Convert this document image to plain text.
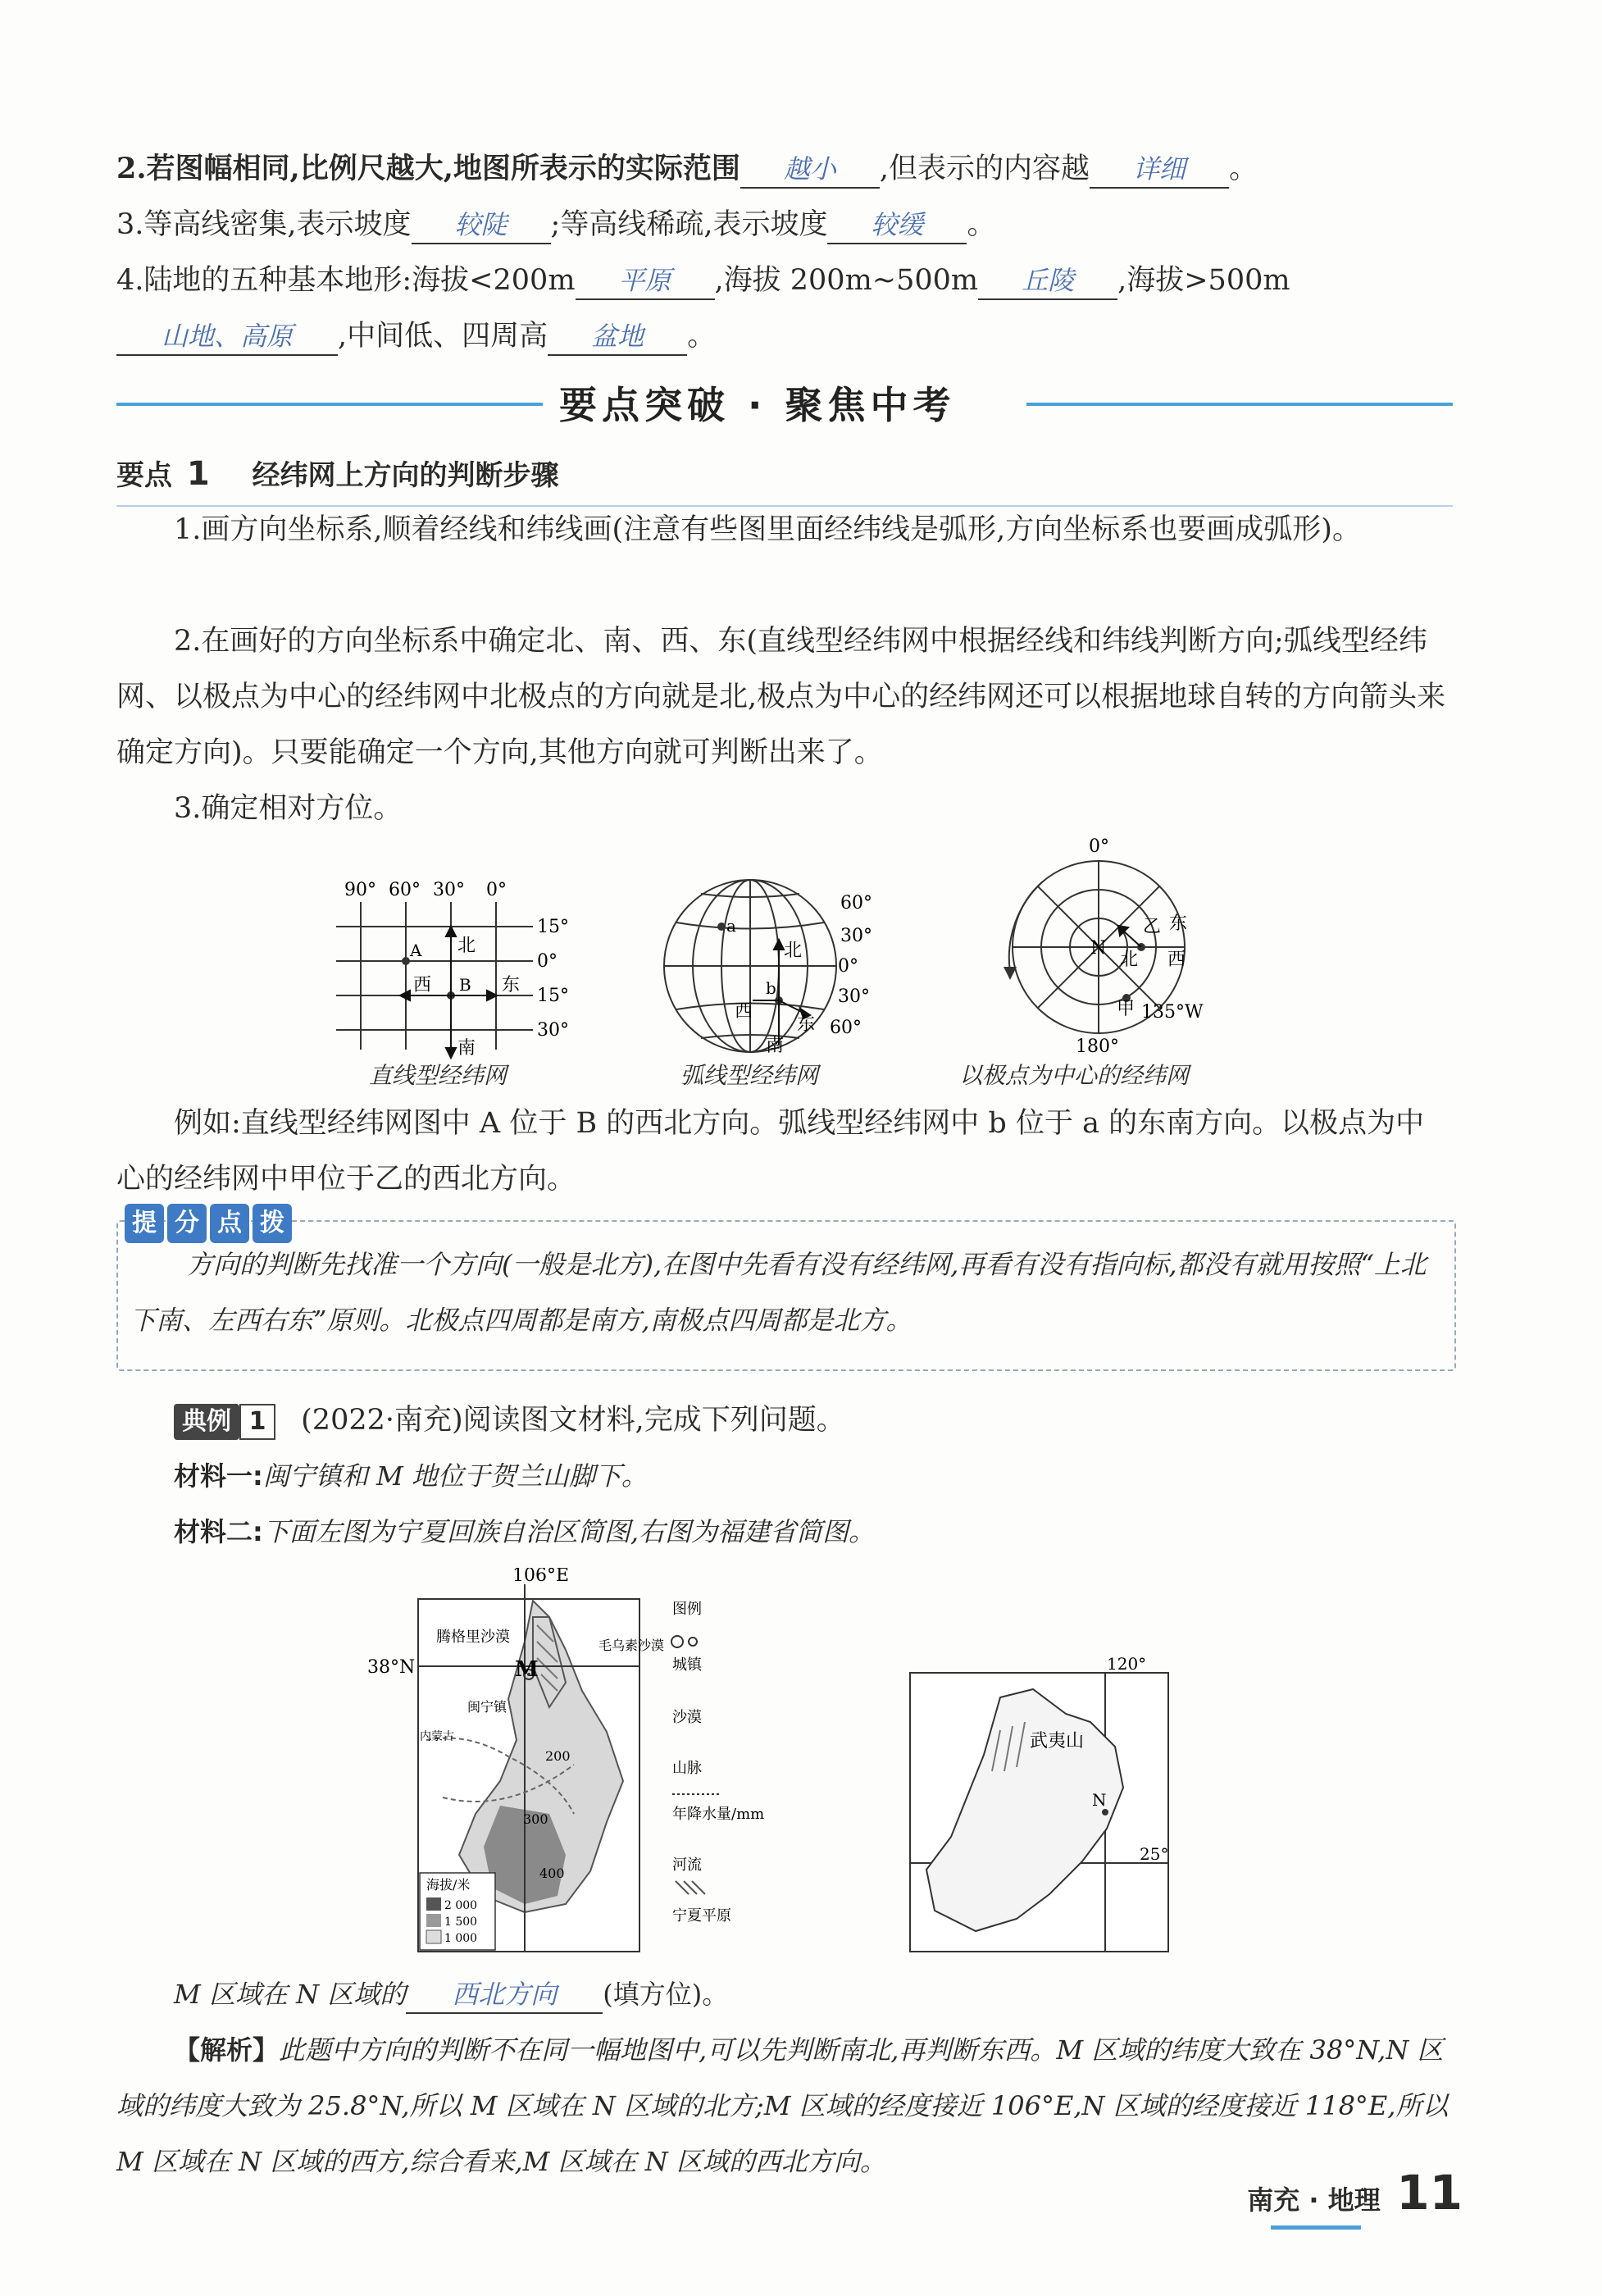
2.若图幅相同,比例尺越大,地图所表示的实际范围 越小 ,但表示的内容越 详细 。
3.等高线密集,表示坡度 较陡 ;等高线稀疏,表示坡度 较缓 。
4.陆地的五种基本地形:海拔<200m 平原 ,海拔 200m~500m 丘陵 ,海拔>500m
山地、高原 ,中间低、四周高 盆地 。
要点突破 · 聚焦中考
要点 1 经纬网上方向的判断步骤
1.画方向坐标系,顺着经线和纬线画(注意有些图里面经纬线是弧形,方向坐标系也要画成弧形)。
2.在画好的方向坐标系中确定北、南、西、东(直线型经纬网中根据经线和纬线判断方向;弧线型经纬网、以极点为中心的经纬网中北极点的方向就是北,极点为中心的经纬网还可以根据地球自转的方向箭头来确定方向)。只要能确定一个方向,其他方向就可判断出来了。
3.确定相对方位。
90° 60° 30° 0°
15°
0°
15°
30°
A
B
北
南
西	东
直线型经纬网
60°
30°
0°
30°
60°
a
b
北
南
西
东
弧线型经纬网
0°
180°
135°W
N
甲
乙
北 西
东
以极点为中心的经纬网
例如:直线型经纬网图中 A 位于 B 的西北方向。弧线型经纬网中 b 位于 a 的东南方向。以极点为中心的经纬网中甲位于乙的西北方向。
方向的判断先找准一个方向(一般是北方),在图中先看有没有经纬网,再看有没有指向标,都没有就用按照“上北下南、左西右东”原则。北极点四周都是南方,南极点四周都是北方。
提 分 点 拨
典例 1 (2022·南充)阅读图文材料,完成下列问题。
材料一:闽宁镇和 M 地位于贺兰山脚下。
材料二:下面左图为宁夏回族自治区简图,右图为福建省简图。
106°E
38°N	M
闽宁镇
内蒙古
腾格里沙漠	毛乌素沙漠
200
300
400
海拔/米
2 000
1 500
1 000
图例
城镇
沙漠
山脉
年降水量/mm
河流
宁夏平原
120°
25°
武夷山
N
M 区域在 N 区域的 西北方向 (填方位)。
【解析】此题中方向的判断不在同一幅地图中,可以先判断南北,再判断东西。M 区域的纬度大致在 38°N,N 区域的纬度大致为 25.8°N,所以 M 区域在 N 区域的北方;M 区域的经度接近 106°E,N 区域的经度接近 118°E,所以 M 区域在 N 区域的西方,综合看来,M 区域在 N 区域的西北方向。
南充 · 地理 11
